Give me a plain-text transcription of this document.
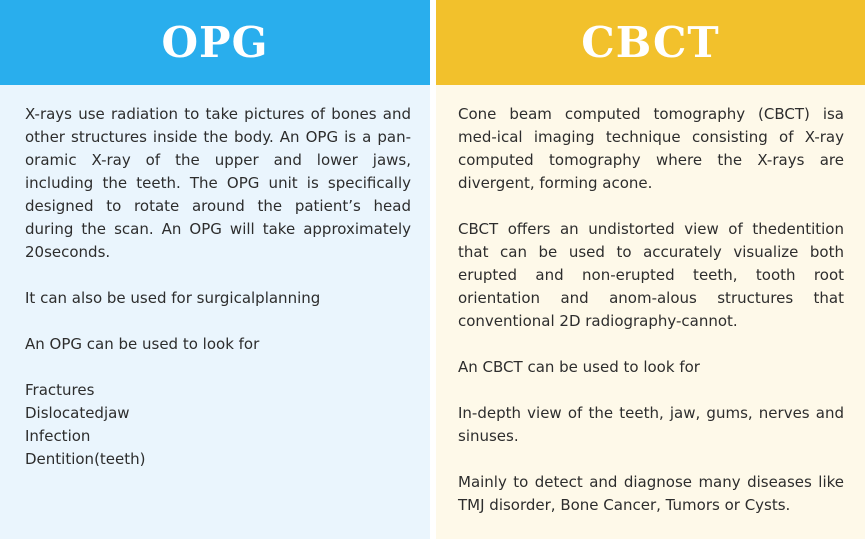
OPG

X-rays use radiation to take pictures of bones and other structures inside the body. An OPG is a pan-oramic X-ray of the upper and lower jaws, including the teeth. The OPG unit is specifically designed to rotate around the patient’s head during the scan. An OPG will take approximately 20seconds.

It can also be used for surgicalplanning

An OPG can be used to look for

Fractures
Dislocatedjaw
Infection
Dentition(teeth)
CBCT

Cone beam computed tomography (CBCT) isa med-ical imaging technique consisting of X-ray computed tomography where the X-rays are divergent, forming acone.

CBCT offers an undistorted view of thedentition that can be used to accurately visualize both erupted and non-erupted teeth, tooth root orientation and anom-alous structures that conventional 2D radiography-cannot.

An CBCT can be used to look for

In-depth view of the teeth, jaw, gums, nerves and sinuses.

Mainly to detect and diagnose many diseases like TMJ disorder, Bone Cancer, Tumors or Cysts.
